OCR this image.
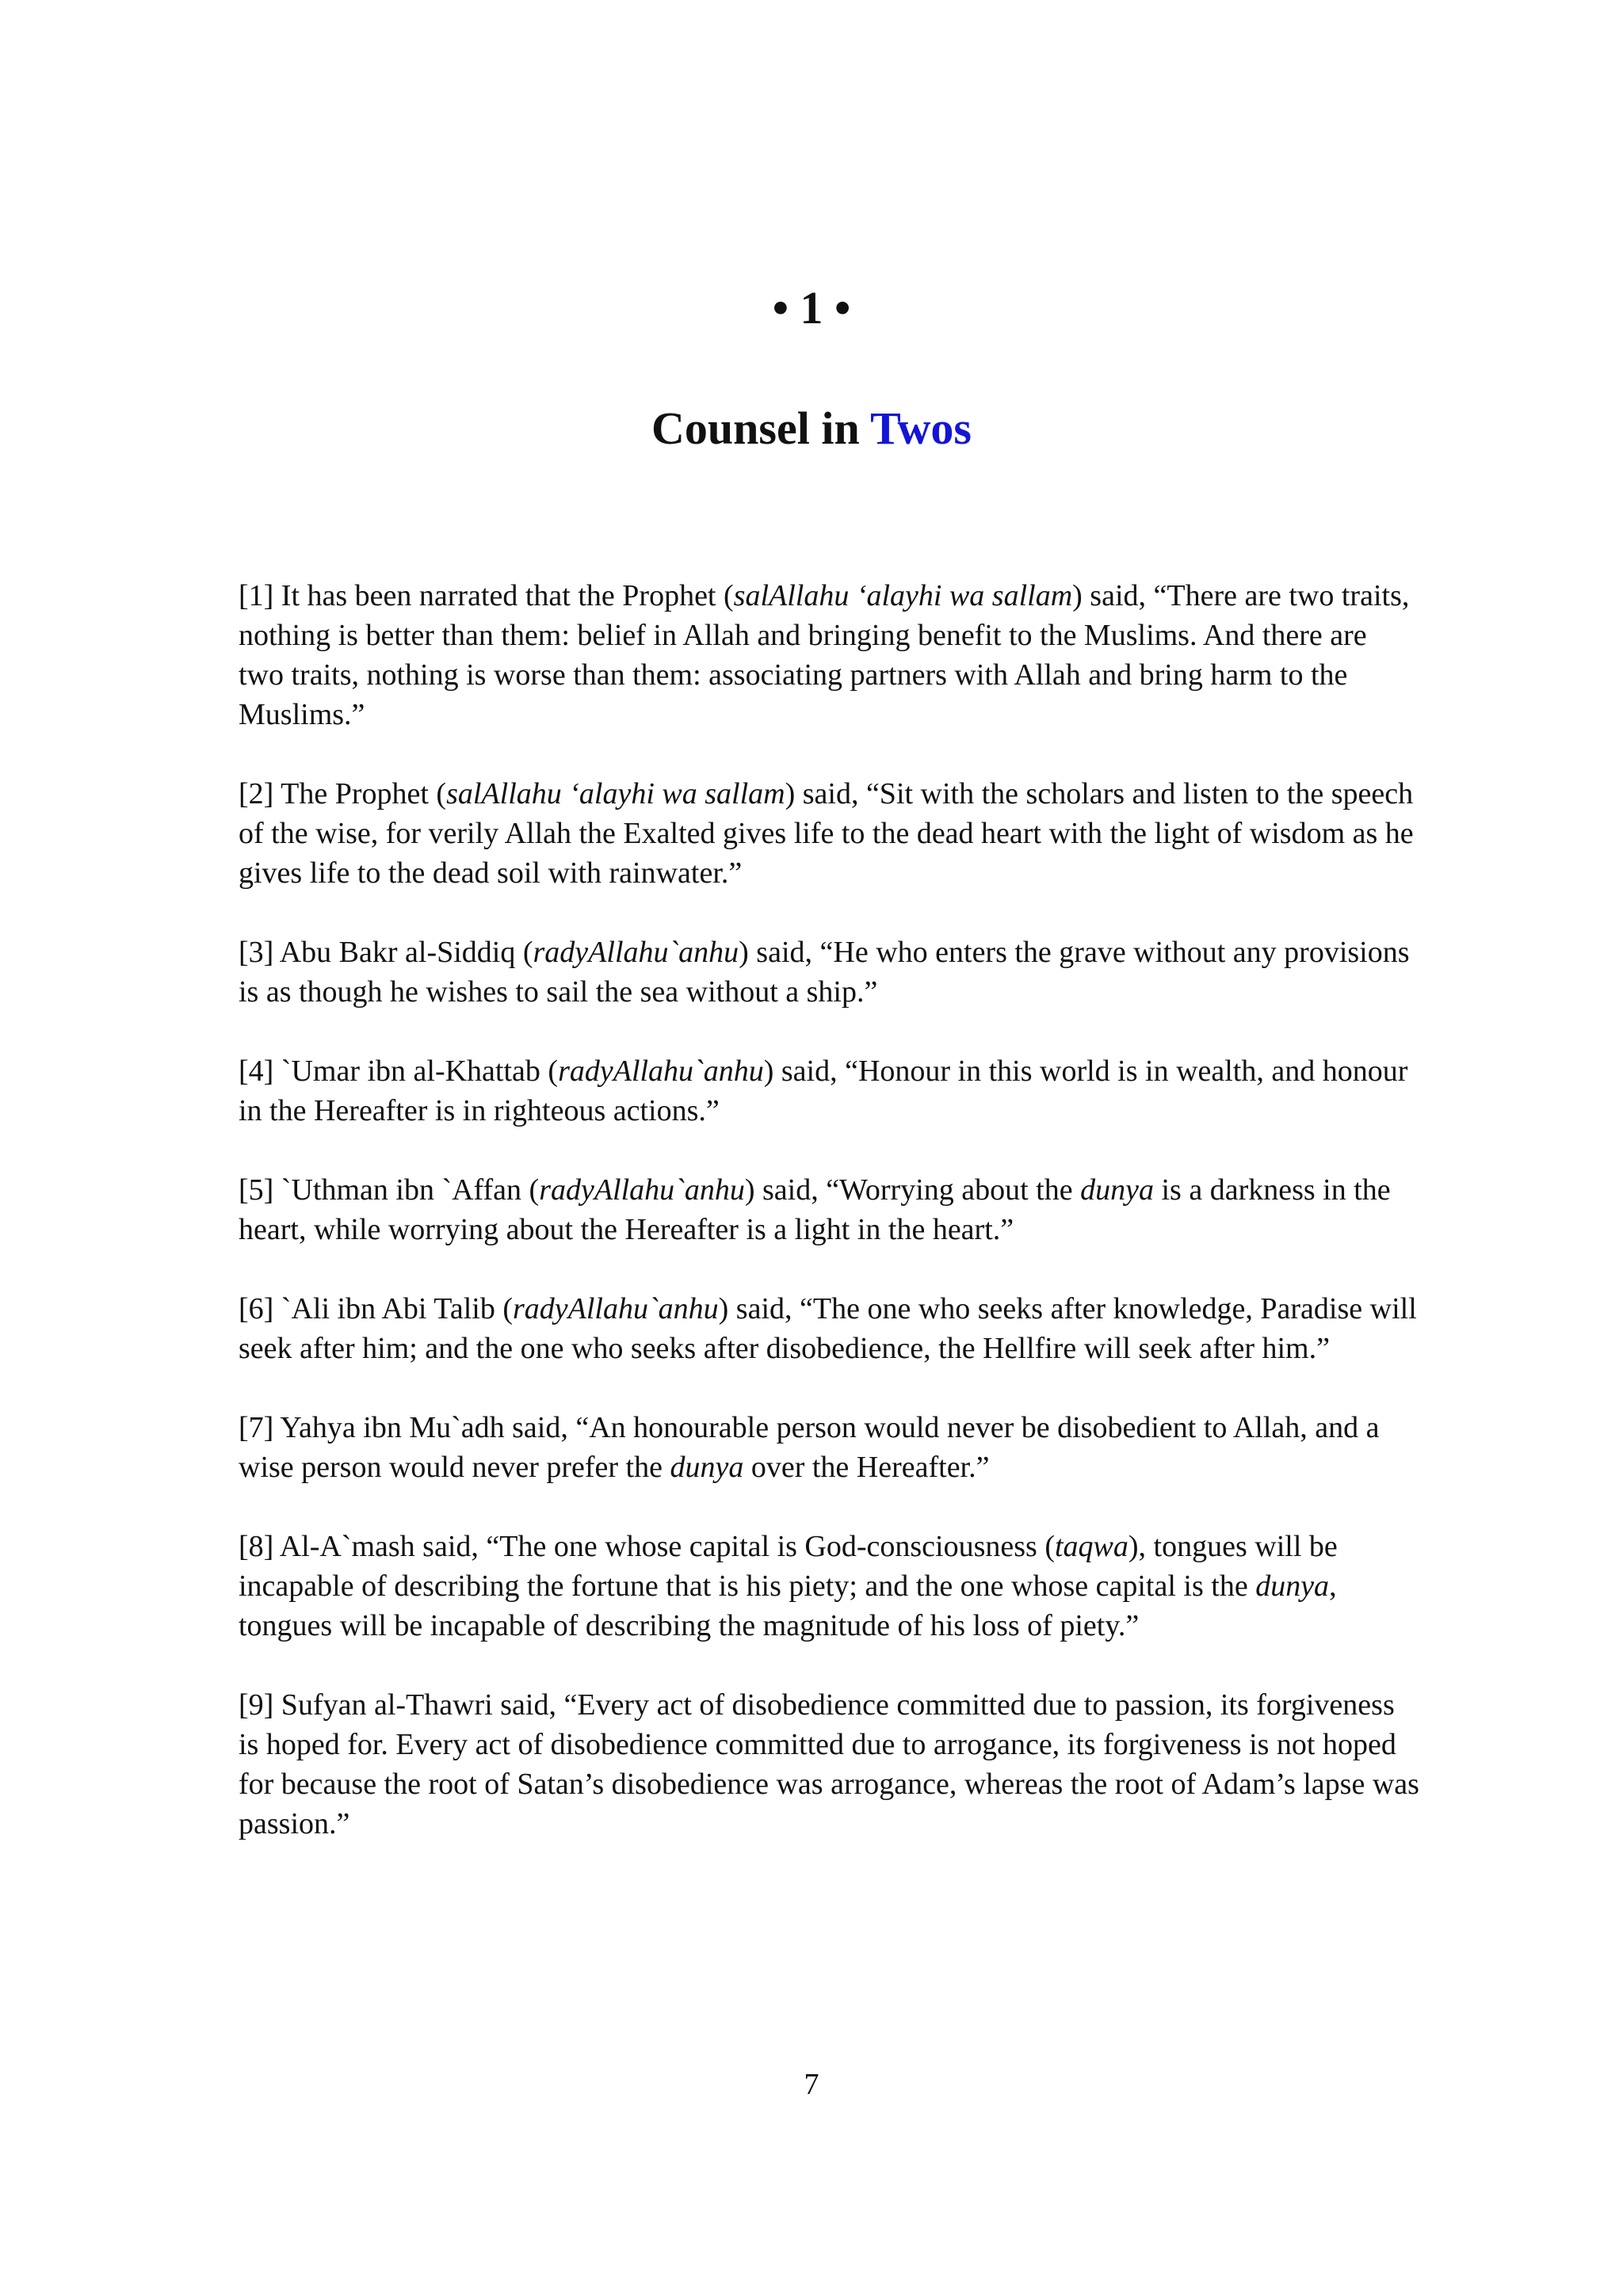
• 1 •
Counsel in Twos

[1] It has been narrated that the Prophet (salAllahu ‘alayhi wa sallam) said, “There are two traits, nothing is better than them: belief in Allah and bringing benefit to the Muslims. And there are two traits, nothing is worse than them: associating partners with Allah and bring harm to the Muslims.”

[2] The Prophet (salAllahu ‘alayhi wa sallam) said, “Sit with the scholars and listen to the speech of the wise, for verily Allah the Exalted gives life to the dead heart with the light of wisdom as he gives life to the dead soil with rainwater.”

[3] Abu Bakr al-Siddiq (radyAllahu`anhu) said, “He who enters the grave without any provisions is as though he wishes to sail the sea without a ship.”

[4] `Umar ibn al-Khattab (radyAllahu`anhu) said, “Honour in this world is in wealth, and honour in the Hereafter is in righteous actions.”

[5] `Uthman ibn `Affan (radyAllahu`anhu) said, “Worrying about the dunya is a darkness in the heart, while worrying about the Hereafter is a light in the heart.”

[6] `Ali ibn Abi Talib (radyAllahu`anhu) said, “The one who seeks after knowledge, Paradise will seek after him; and the one who seeks after disobedience, the Hellfire will seek after him.”

[7] Yahya ibn Mu`adh said, “An honourable person would never be disobedient to Allah, and a wise person would never prefer the dunya over the Hereafter.”

[8] Al-A`mash said, “The one whose capital is God-consciousness (taqwa), tongues will be incapable of describing the fortune that is his piety; and the one whose capital is the dunya, tongues will be incapable of describing the magnitude of his loss of piety.”

[9] Sufyan al-Thawri said, “Every act of disobedience committed due to passion, its forgiveness is hoped for. Every act of disobedience committed due to arrogance, its forgiveness is not hoped for because the root of Satan’s disobedience was arrogance, whereas the root of Adam’s lapse was passion.”

7
